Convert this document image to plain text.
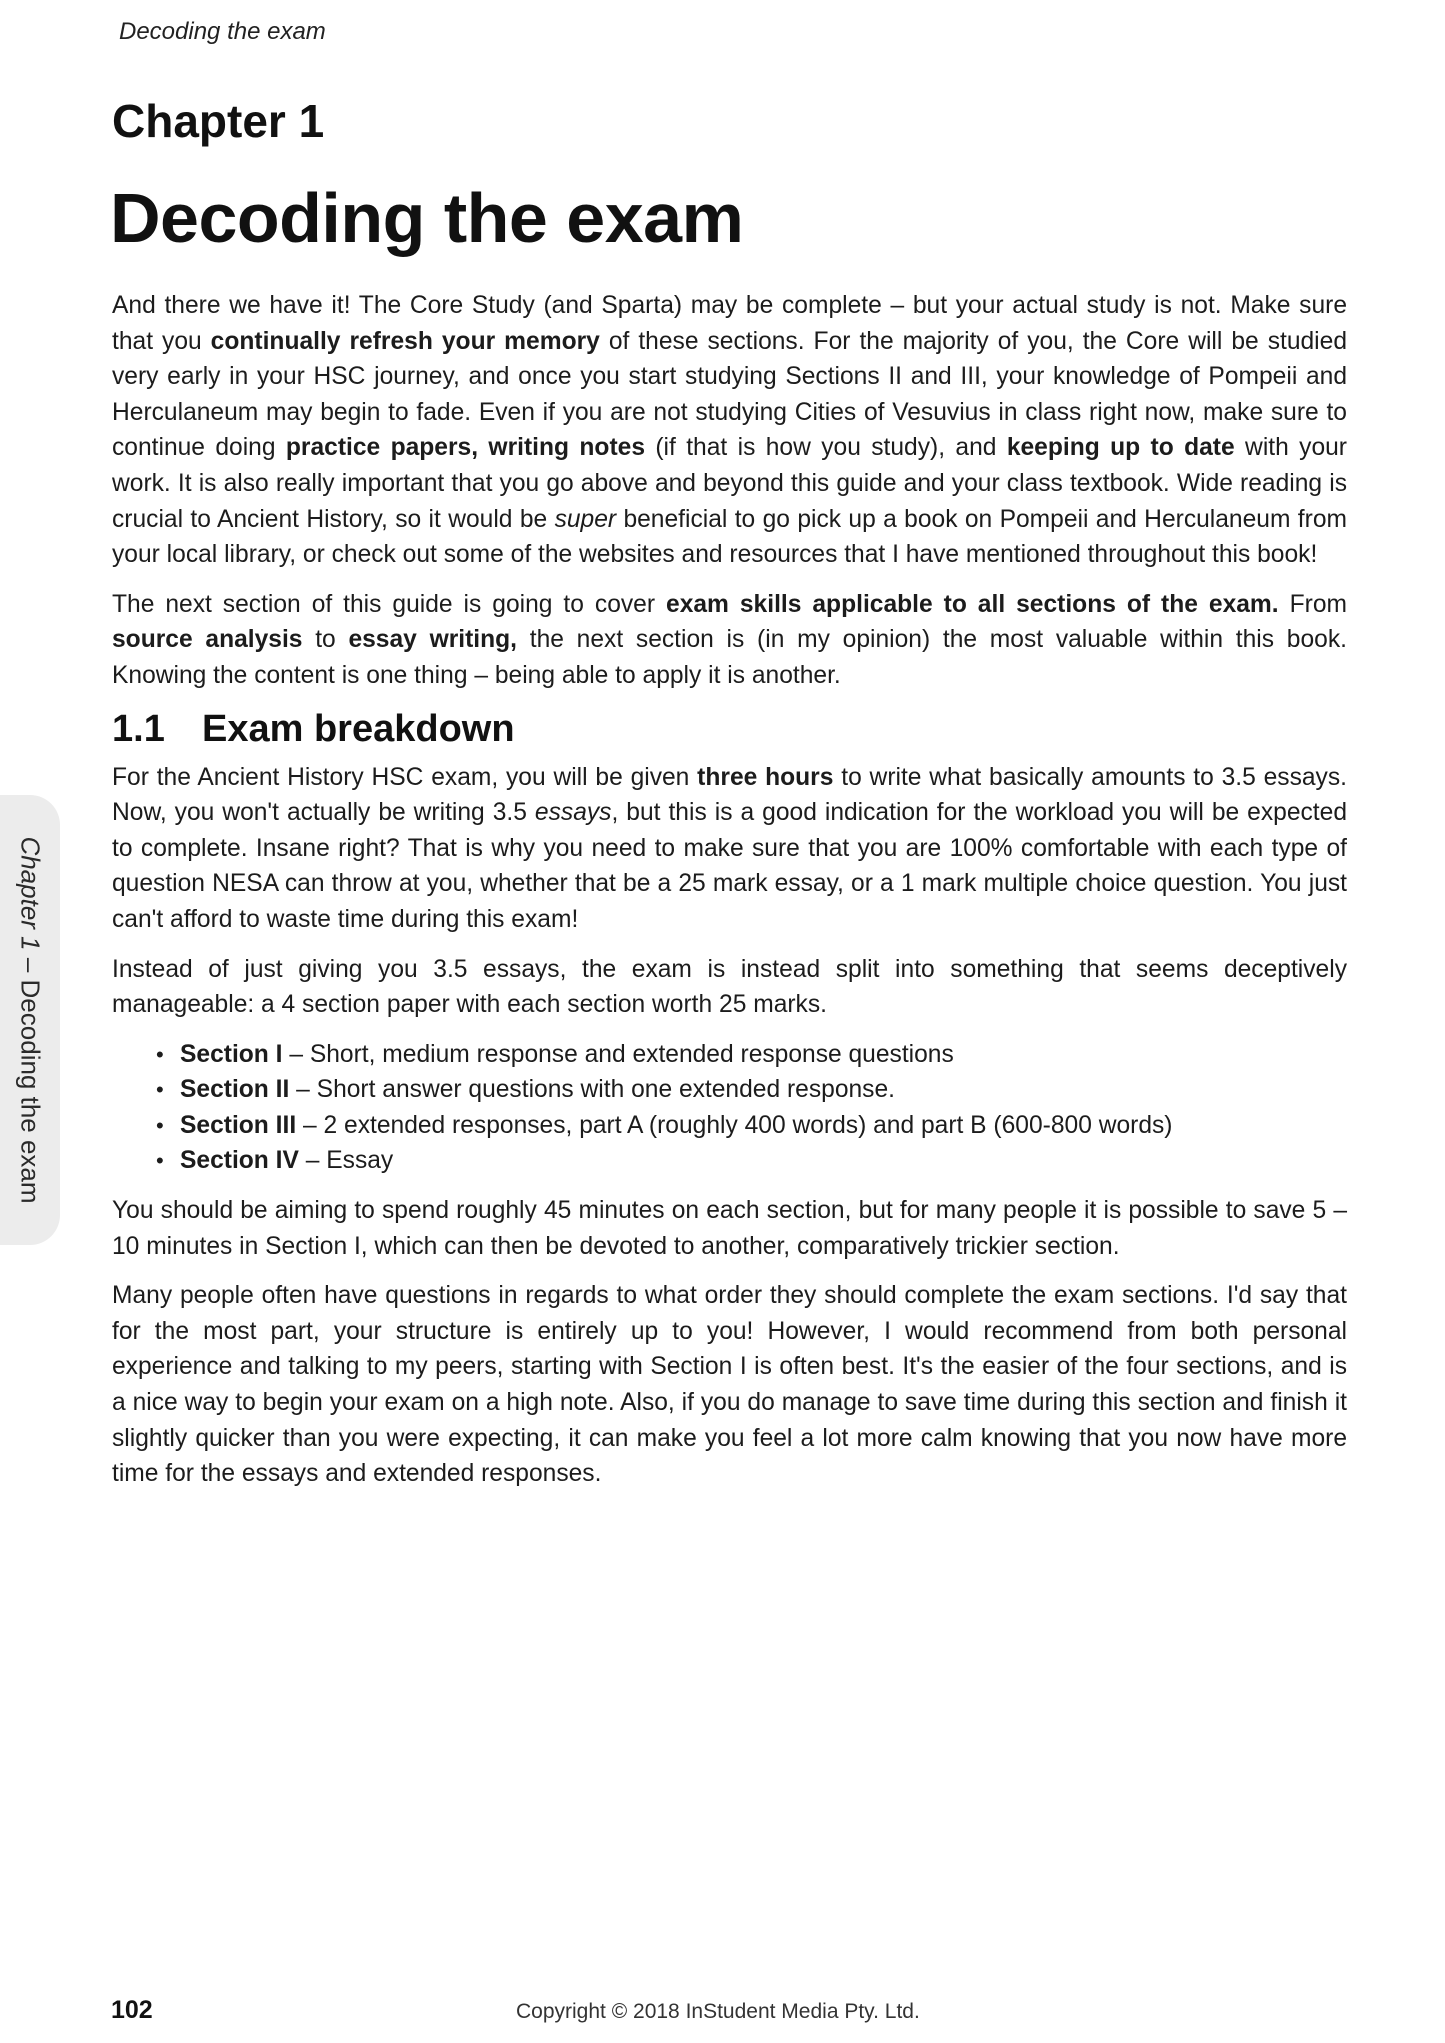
Decoding the exam
Chapter 1
Decoding the exam

And there we have it! The Core Study (and Sparta) may be complete – but your actual study is not. Make sure that you continually refresh your memory of these sections. For the majority of you, the Core will be studied very early in your HSC journey, and once you start studying Sections II and III, your knowledge of Pompeii and Herculaneum may begin to fade. Even if you are not studying Cities of Vesuvius in class right now, make sure to continue doing practice papers, writing notes (if that is how you study), and keeping up to date with your work. It is also really important that you go above and beyond this guide and your class textbook. Wide reading is crucial to Ancient History, so it would be super beneficial to go pick up a book on Pompeii and Herculaneum from your local library, or check out some of the websites and resources that I have mentioned throughout this book!

The next section of this guide is going to cover exam skills applicable to all sections of the exam. From source analysis to essay writing, the next section is (in my opinion) the most valuable within this book. Knowing the content is one thing – being able to apply it is another.

1.1 Exam breakdown

For the Ancient History HSC exam, you will be given three hours to write what basically amounts to 3.5 essays. Now, you won't actually be writing 3.5 essays, but this is a good indication for the workload you will be expected to complete. Insane right? That is why you need to make sure that you are 100% comfortable with each type of question NESA can throw at you, whether that be a 25 mark essay, or a 1 mark multiple choice question. You just can't afford to waste time during this exam!

Instead of just giving you 3.5 essays, the exam is instead split into something that seems deceptively manageable: a 4 section paper with each section worth 25 marks.

• Section I – Short, medium response and extended response questions
• Section II – Short answer questions with one extended response.
• Section III – 2 extended responses, part A (roughly 400 words) and part B (600-800 words)
• Section IV – Essay

You should be aiming to spend roughly 45 minutes on each section, but for many people it is possible to save 5 – 10 minutes in Section I, which can then be devoted to another, comparatively trickier section.

Many people often have questions in regards to what order they should complete the exam sections. I'd say that for the most part, your structure is entirely up to you! However, I would recommend from both personal experience and talking to my peers, starting with Section I is often best. It's the easier of the four sections, and is a nice way to begin your exam on a high note. Also, if you do manage to save time during this section and finish it slightly quicker than you were expecting, it can make you feel a lot more calm knowing that you now have more time for the essays and extended responses.

Chapter 1 – Decoding the exam
102	Copyright © 2018 InStudent Media Pty. Ltd.
